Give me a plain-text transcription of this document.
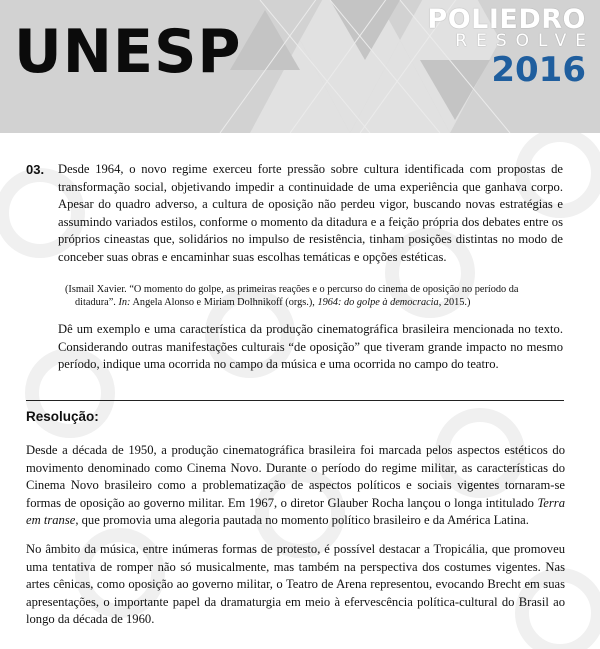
UNESP	POLIEDRO
RESOLVE
2016
03. Desde 1964, o novo regime exerceu forte pressão sobre cultura identificada com propostas de transformação social, objetivando impedir a continuidade de uma experiência que ganhava corpo. Apesar do quadro adverso, a cultura de oposição não perdeu vigor, buscando novas estratégias e assumindo variados estilos, conforme o momento da ditadura e a feição própria dos debates entre os próprios cineastas que, solidários no impulso de resistência, tinham posições distintas no modo de conceber suas obras e encaminhar suas escolhas temáticas e opções estéticas.

(Ismail Xavier. “O momento do golpe, as primeiras reações e o percurso do cinema de oposição no período da
ditadura”. In: Angela Alonso e Miriam Dolhnikoff (orgs.), 1964: do golpe à democracia, 2015.)

Dê um exemplo e uma característica da produção cinematográfica brasileira mencionada no texto. Considerando outras manifestações culturais “de oposição” que tiveram grande impacto no mesmo período, indique uma ocorrida no campo da música e uma ocorrida no campo do teatro.

Resolução:

Desde a década de 1950, a produção cinematográfica brasileira foi marcada pelos aspectos estéticos do movimento denominado como Cinema Novo. Durante o período do regime militar, as características do Cinema Novo brasileiro como a problematização de aspectos políticos e sociais vigentes tornaram-se formas de oposição ao governo militar. Em 1967, o diretor Glauber Rocha lançou o longa intitulado Terra em transe, que promovia uma alegoria pautada no momento político brasileiro e da América Latina.

No âmbito da música, entre inúmeras formas de protesto, é possível destacar a Tropicália, que promoveu uma tentativa de romper não só musicalmente, mas também na perspectiva dos costumes vigentes. Nas artes cênicas, como oposição ao governo militar, o Teatro de Arena representou, evocando Brecht em suas apresentações, o importante papel da dramaturgia em meio à efervescência política-cultural do Brasil ao longo da década de 1960.
